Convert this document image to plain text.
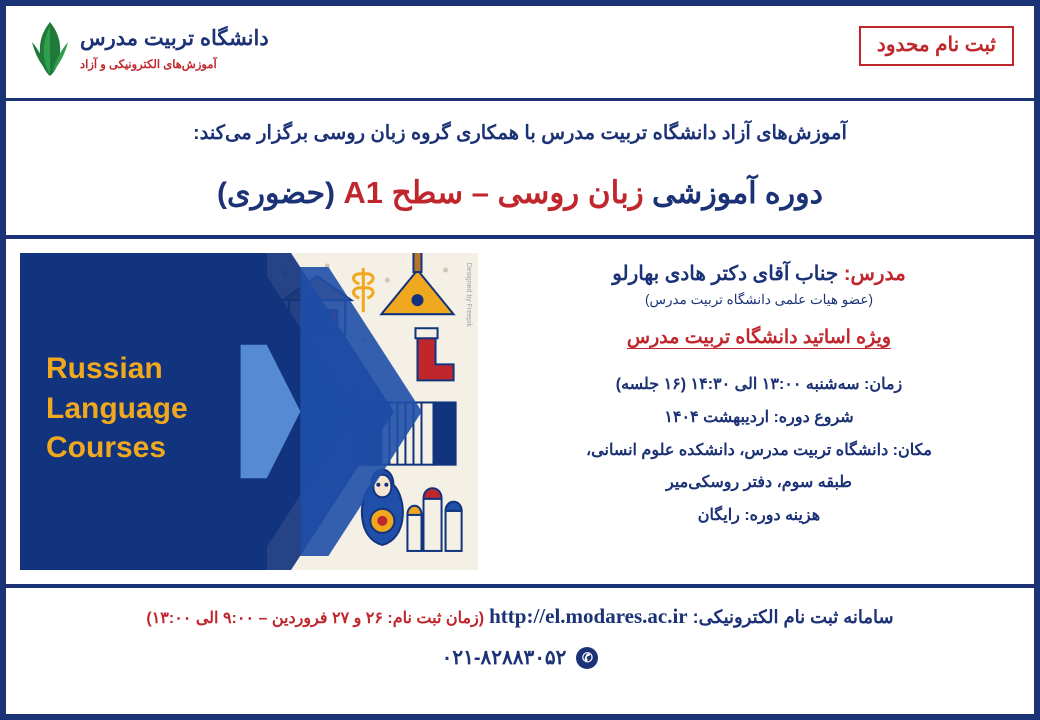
ثبت نام محدود
دانشگاه تربیت مدرس
آموزش‌های الکترونیکی و آزاد
آموزش‌های آزاد دانشگاه تربیت مدرس با همکاری گروه زبان روسی برگزار می‌کند:
دوره آموزشی زبان روسی – سطح A1 (حضوری)
مدرس: جناب آقای دکتر هادی بهارلو
(عضو هیات علمی دانشگاه تربیت مدرس)
ویژه اساتید دانشگاه تربیت مدرس
زمان: سه‌شنبه ۱۳:۰۰ الی ۱۴:۳۰ (۱۶ جلسه)
شروع دوره: اردیبهشت ۱۴۰۴
مکان: دانشگاه تربیت مدرس، دانشکده علوم انسانی،
طبقه سوم، دفتر روسکی‌میر
هزینه دوره: رایگان
Russian
Language
Courses
Designed by Freepik
سامانه ثبت نام الکترونیکی: http://el.modares.ac.ir (زمان ثبت نام: ۲۶ و ۲۷ فروردین – ۹:۰۰ الی ۱۳:۰۰)
✆
۰۲۱-۸۲۸۸۳۰۵۲
